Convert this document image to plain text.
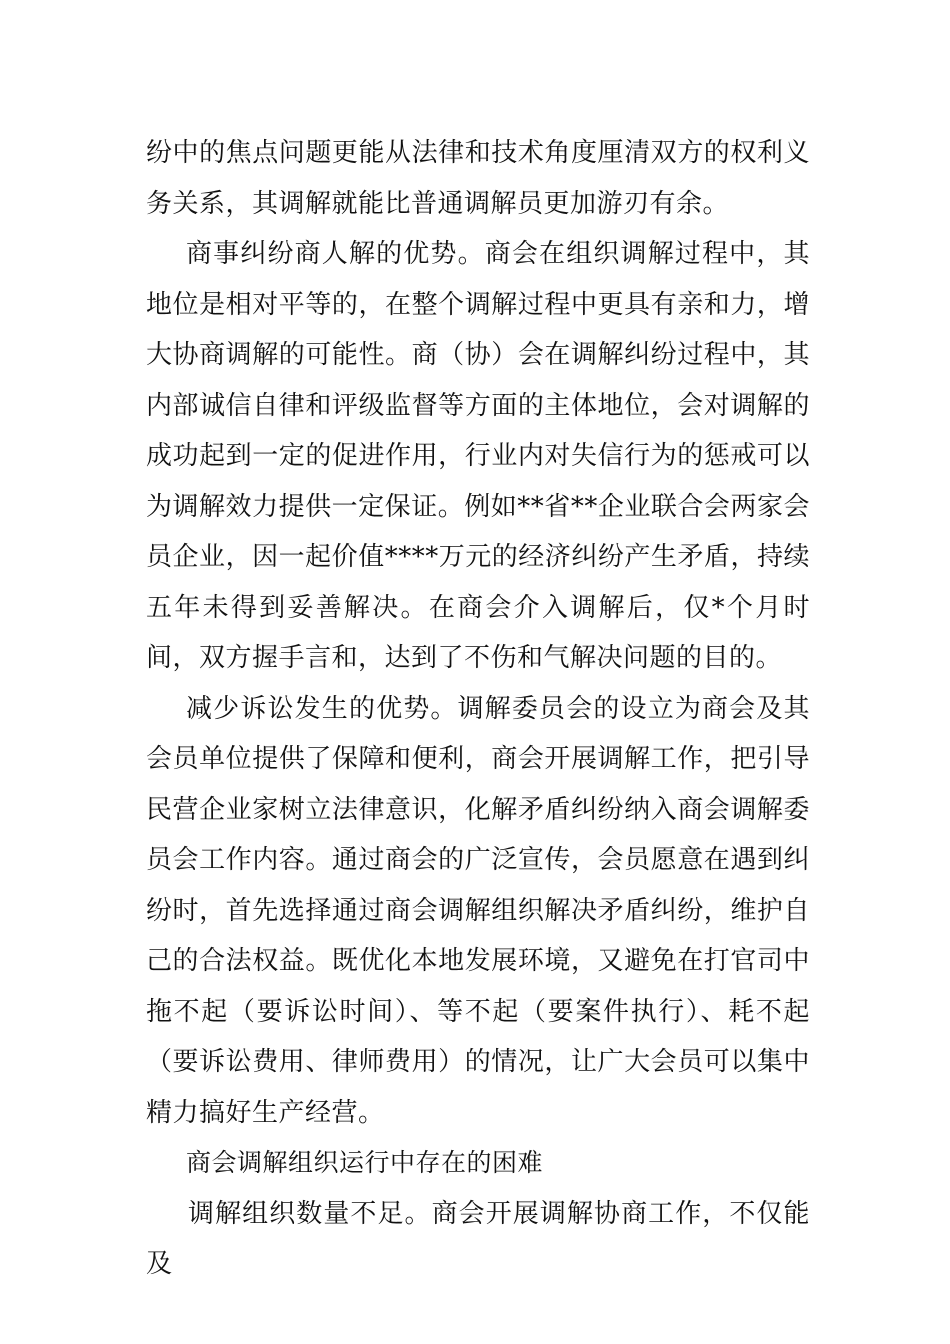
纷中的焦点问题更能从法律和技术角度厘清双方的权利义务关系，其调解就能比普通调解员更加游刃有余。

商事纠纷商人解的优势。商会在组织调解过程中，其地位是相对平等的，在整个调解过程中更具有亲和力，增大协商调解的可能性。商（协）会在调解纠纷过程中，其内部诚信自律和评级监督等方面的主体地位，会对调解的成功起到一定的促进作用，行业内对失信行为的惩戒可以为调解效力提供一定保证。例如**省**企业联合会两家会员企业，因一起价值****万元的经济纠纷产生矛盾，持续五年未得到妥善解决。在商会介入调解后，仅*个月时间，双方握手言和，达到了不伤和气解决问题的目的。

减少诉讼发生的优势。调解委员会的设立为商会及其会员单位提供了保障和便利，商会开展调解工作，把引导民营企业家树立法律意识，化解矛盾纠纷纳入商会调解委员会工作内容。通过商会的广泛宣传，会员愿意在遇到纠纷时，首先选择通过商会调解组织解决矛盾纠纷，维护自己的合法权益。既优化本地发展环境，又避免在打官司中拖不起（要诉讼时间）、等不起（要案件执行）、耗不起（要诉讼费用、律师费用）的情况，让广大会员可以集中精力搞好生产经营。

商会调解组织运行中存在的困难

调解组织数量不足。商会开展调解协商工作，不仅能及
